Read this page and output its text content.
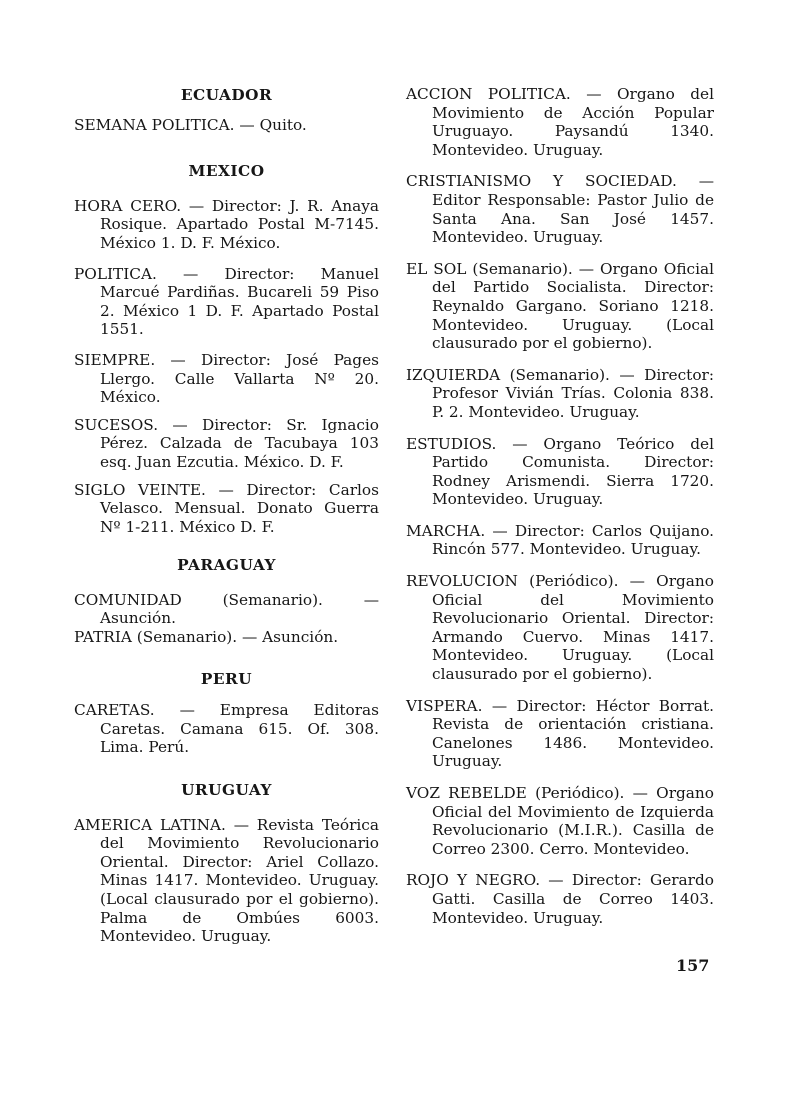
ECUADOR

SEMANA POLITICA. — Quito.

MEXICO

HORA CERO. — Director: J. R. Anaya Rosique. Apartado Postal M-7145. México 1. D. F. México.

POLITICA. — Director: Manuel Marcué Pardiñas. Bucareli 59 Piso 2. México 1 D. F. Apartado Postal 1551.

SIEMPRE. — Director: José Pages Llergo. Calle Vallarta Nº 20. México.

SUCESOS. — Director: Sr. Ignacio Pérez. Calzada de Tacubaya 103 esq. Juan Ezcutia. México. D. F.

SIGLO VEINTE. — Director: Carlos Velasco. Mensual. Donato Guerra Nº 1-211. México D. F.

PARAGUAY

COMUNIDAD (Semanario). — Asunción.

PATRIA (Semanario). — Asunción.

PERU

CARETAS. — Empresa Editoras Caretas. Camana 615. Of. 308. Lima. Perú.

URUGUAY

AMERICA LATINA. — Revista Teórica del Movimiento Revolucionario Oriental. Director: Ariel Collazo. Minas 1417. Montevideo. Uruguay. (Local clausurado por el gobierno). Palma de Ombúes 6003. Montevideo. Uruguay.

ACCION POLITICA. — Organo del Movimiento de Acción Popular Uruguayo. Paysandú 1340. Montevideo. Uruguay.

CRISTIANISMO Y SOCIEDAD. — Editor Responsable: Pastor Julio de Santa Ana. San José 1457. Montevideo. Uruguay.

EL SOL (Semanario). — Organo Oficial del Partido Socialista. Director: Reynaldo Gargano. Soriano 1218. Montevideo. Uruguay. (Local clausurado por el gobierno).

IZQUIERDA (Semanario). — Director: Profesor Vivián Trías. Colonia 838. P. 2. Montevideo. Uruguay.

ESTUDIOS. — Organo Teórico del Partido Comunista. Director: Rodney Arismendi. Sierra 1720. Montevideo. Uruguay.

MARCHA. — Director: Carlos Quijano. Rincón 577. Montevideo. Uruguay.

REVOLUCION (Periódico). — Organo Oficial del Movimiento Revolucionario Oriental. Director: Armando Cuervo. Minas 1417. Montevideo. Uruguay. (Local clausurado por el gobierno).

VISPERA. — Director: Héctor Borrat. Revista de orientación cristiana. Canelones 1486. Montevideo. Uruguay.

VOZ REBELDE (Periódico). — Organo Oficial del Movimiento de Izquierda Revolucionario (M.I.R.). Casilla de Correo 2300. Cerro. Montevideo.

ROJO Y NEGRO. — Director: Gerardo Gatti. Casilla de Correo 1403. Montevideo. Uruguay.

157
